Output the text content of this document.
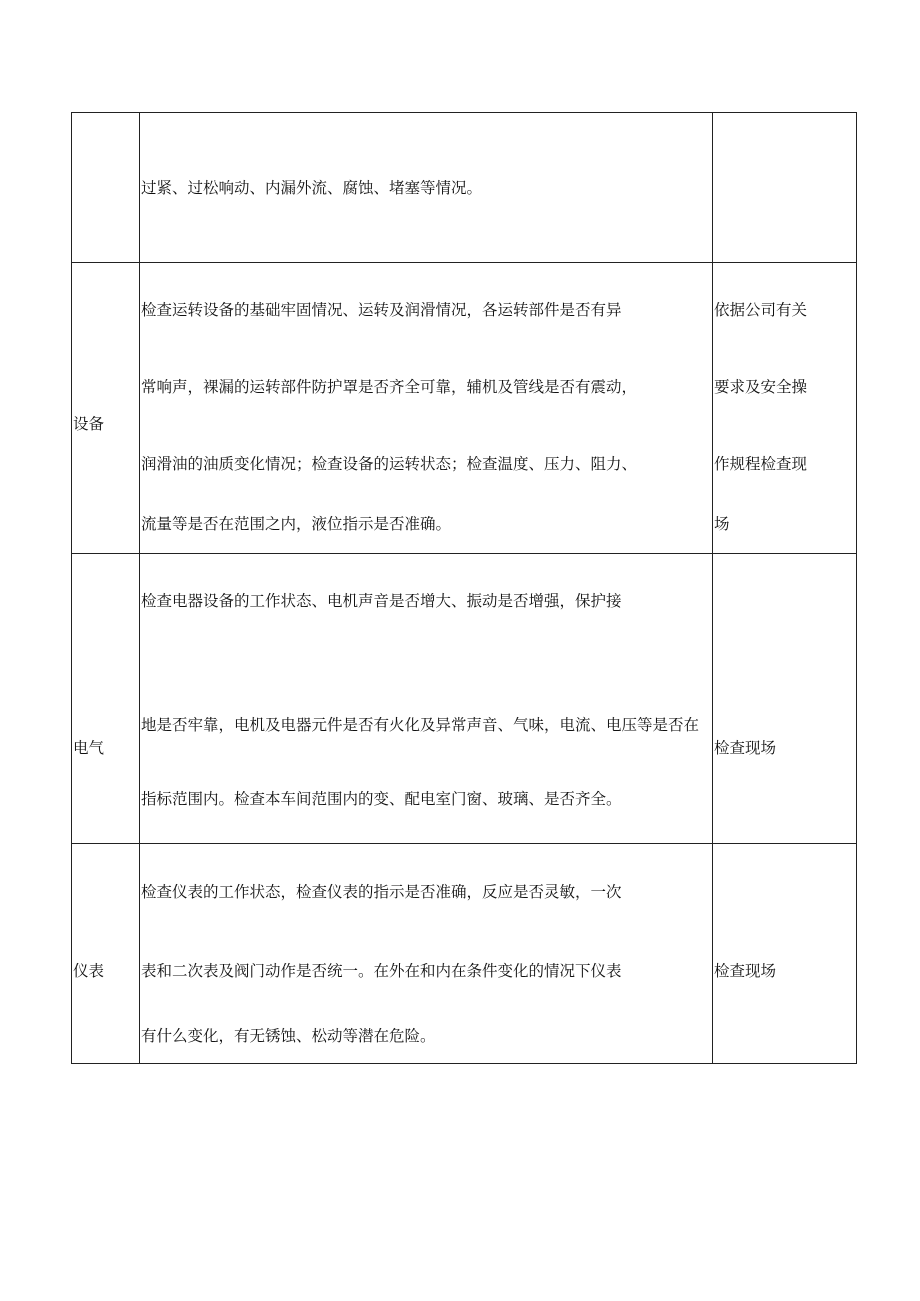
过紧、过松响动、内漏外流、腐蚀、堵塞等情况。
设备
检查运转设备的基础牢固情况、运转及润滑情况，各运转部件是否有异
常响声，裸漏的运转部件防护罩是否齐全可靠，辅机及管线是否有震动，
润滑油的油质变化情况；检查设备的运转状态；检查温度、压力、阻力、
流量等是否在范围之内，液位指示是否准确。
依据公司有关
要求及安全操
作规程检查现
场
电气
检查电器设备的工作状态、电机声音是否增大、振动是否增强，保护接
地是否牢靠，电机及电器元件是否有火化及异常声音、气味，电流、电压等是否在
指标范围内。检查本车间范围内的变、配电室门窗、玻璃、是否齐全。
检查现场
仪表
检查仪表的工作状态，检查仪表的指示是否准确，反应是否灵敏，一次
表和二次表及阀门动作是否统一。在外在和内在条件变化的情况下仪表
有什么变化，有无锈蚀、松动等潜在危险。
检查现场
